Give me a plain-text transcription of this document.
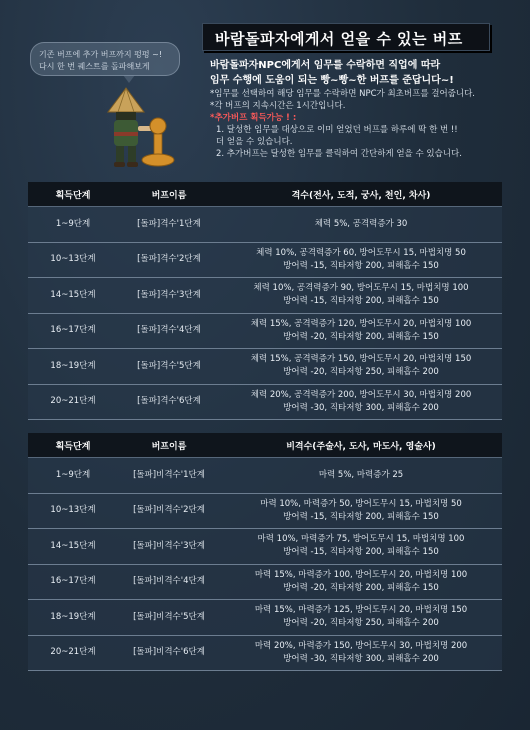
기존 버프에 추가 버프까지 펑펑 ~!
다시 한 번 퀘스트를 돌파해보게
바람돌파자에게서 얻을 수 있는 버프
바람돌파자NPC에게서 임무를 수락하면 직업에 따라
임무 수행에 도움이 되는 빵~빵~한 버프를 준답니다~!
*임무를 선택하여 해당 임무를 수락하면 NPC가 최초버프를 걸어줍니다.
*각 버프의 지속시간은 1시간입니다.
*추가버프 획득가능 ! :
1. 달성한 임무를 대상으로 이미 얻었던 버프를 하루에 딱 한 번 !!
더 얻을 수 있습니다.
2. 추가버프는 달성한 임무를 클릭하여 간단하게 얻을 수 있습니다.
획득단계	버프이름	격수(전사, 도적, 궁사, 천인, 차사)
1~9단계	[돌파]격수'1단계	체력 5%, 공격력증가 30

10~13단계	[돌파]격수'2단계	체력 10%, 공격력증가 60, 방어도무시 15, 마법치명 50
방어력 -15, 직타저항 200, 피해흡수 150

14~15단계	[돌파]격수'3단계	체력 10%, 공격력증가 90, 방어도무시 15, 마법치명 100
방어력 -15, 직타저항 200, 피해흡수 150

16~17단계	[돌파]격수'4단계	체력 15%, 공격력증가 120, 방어도무시 20, 마법치명 100
방어력 -20, 직타저항 200, 피해흡수 150

18~19단계	[돌파]격수'5단계	체력 15%, 공격력증가 150, 방어도무시 20, 마법치명 150
방어력 -20, 직타저항 250, 피해흡수 200

20~21단계	[돌파]격수'6단계	체력 20%, 공격력증가 200, 방어도무시 30, 마법치명 200
방어력 -30, 직타저항 300, 피해흡수 200
획득단계	버프이름	비격수(주술사, 도사, 마도사, 영술사)
1~9단계	[돌파]비격수'1단계	마력 5%, 마력증가 25

10~13단계	[돌파]비격수'2단계	마력 10%, 마력증가 50, 방어도무시 15, 마법치명 50
방어력 -15, 직타저항 200, 피해흡수 150

14~15단계	[돌파]비격수'3단계	마력 10%, 마력증가 75, 방어도무시 15, 마법치명 100
방어력 -15, 직타저항 200, 피해흡수 150

16~17단계	[돌파]비격수'4단계	마력 15%, 마력증가 100, 방어도무시 20, 마법치명 100
방어력 -20, 직타저항 200, 피해흡수 150

18~19단계	[돌파]비격수'5단계	마력 15%, 마력증가 125, 방어도무시 20, 마법치명 150
방어력 -20, 직타저항 250, 피해흡수 200

20~21단계	[돌파]비격수'6단계	마력 20%, 마력증가 150, 방어도무시 30, 마법치명 200
방어력 -30, 직타저항 300, 피해흡수 200
